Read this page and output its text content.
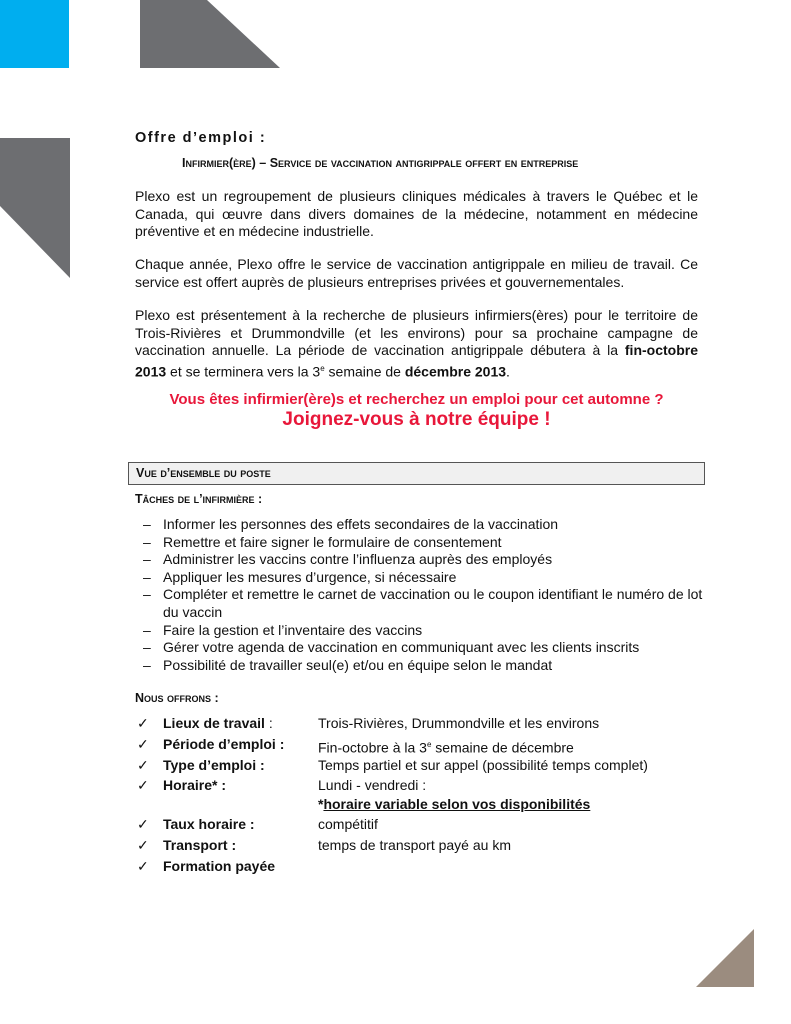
Offre d’emploi :
Infirmier(ère) – Service de vaccination antigrippale offert en entreprise

Plexo est un regroupement de plusieurs cliniques médicales à travers le Québec et le Canada, qui œuvre dans divers domaines de la médecine, notamment en médecine préventive et en médecine industrielle.

Chaque année, Plexo offre le service de vaccination antigrippale en milieu de travail. Ce service est offert auprès de plusieurs entreprises privées et gouvernementales.

Plexo est présentement à la recherche de plusieurs infirmiers(ères) pour le territoire de Trois-Rivières et Drummondville (et les environs) pour sa prochaine campagne de vaccination annuelle. La période de vaccination antigrippale débutera à la fin-octobre 2013 et se terminera vers la 3e semaine de décembre 2013.

Vous êtes infirmier(ère)s et recherchez un emploi pour cet automne ?
Joignez-vous à notre équipe !
Vue d’ensemble du poste
Tâches de l’infirmière :
– Informer les personnes des effets secondaires de la vaccination
– Remettre et faire signer le formulaire de consentement
– Administrer les vaccins contre l’influenza auprès des employés
– Appliquer les mesures d’urgence, si nécessaire
– Compléter et remettre le carnet de vaccination ou le coupon identifiant le numéro de lot du vaccin
– Faire la gestion et l’inventaire des vaccins
– Gérer votre agenda de vaccination en communiquant avec les clients inscrits
– Possibilité de travailler seul(e) et/ou en équipe selon le mandat
Nous offrons :
✓ Lieux de travail :	Trois-Rivières, Drummondville et les environs
✓ Période d’emploi : Fin-octobre à la 3e semaine de décembre
✓ Type d’emploi :	Temps partiel et sur appel (possibilité temps complet)
✓ Horaire* :	Lundi - vendredi :
*horaire variable selon vos disponibilités
✓ Taux horaire :	compétitif
✓ Transport :	temps de transport payé au km
✓ Formation payée
